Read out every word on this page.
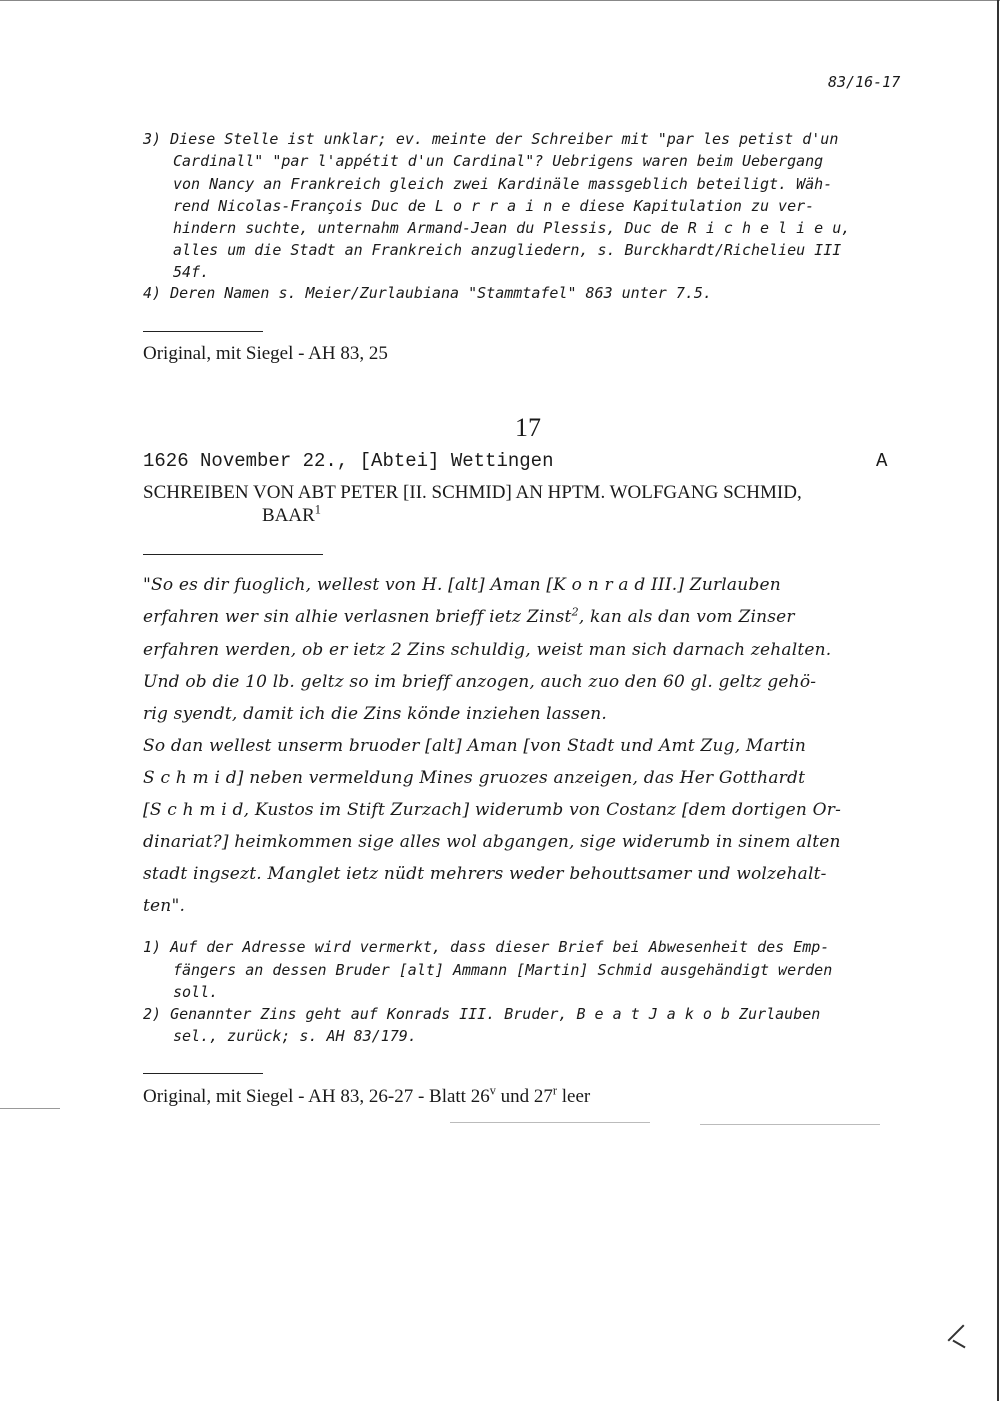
83/16-17
3) Diese Stelle ist unklar; ev. meinte der Schreiber mit "par les petist d'un
Cardinall" "par l'appétit d'un Cardinal"? Uebrigens waren beim Uebergang
von Nancy an Frankreich gleich zwei Kardinäle massgeblich beteiligt. Wäh-
rend Nicolas-François Duc de L o r r a i n e diese Kapitulation zu ver-
hindern suchte, unternahm Armand-Jean du Plessis, Duc de R i c h e l i e u,
alles um die Stadt an Frankreich anzugliedern, s. Burckhardt/Richelieu III
54f.
4) Deren Namen s. Meier/Zurlaubiana "Stammtafel" 863 unter 7.5.
Original, mit Siegel - AH 83, 25
17
1626 November 22., [Abtei] Wettingen	A
SCHREIBEN VON ABT PETER [II. SCHMID] AN HPTM. WOLFGANG SCHMID,
BAAR$^1$
"So es dir fuoglich, wellest von H. [alt] Aman [K o n r a d III.] Zurlauben
erfahren wer sin alhie verlasnen brieff ietz Zinst$^2$, kan als dan vom Zinser
erfahren werden, ob er ietz 2 Zins schuldig, weist man sich darnach zehalten.
Und ob die 10 lb. geltz so im brieff anzogen, auch zuo den 60 gl. geltz gehö-
rig syendt, damit ich die Zins könde inziehen lassen.
So dan wellest unserm bruoder [alt] Aman [von Stadt und Amt Zug, Martin
S c h m i d] neben vermeldung Mines gruozes anzeigen, das Her Gotthardt
[S c h m i d, Kustos im Stift Zurzach] widerumb von Costanz [dem dortigen Or-
dinariat?] heimkommen sige alles wol abgangen, sige widerumb in sinem alten
stadt ingsezt. Manglet ietz nüdt mehrers weder behouttsamer und wolzehalt-
ten".
1) Auf der Adresse wird vermerkt, dass dieser Brief bei Abwesenheit des Emp-
fängers an dessen Bruder [alt] Ammann [Martin] Schmid ausgehändigt werden
soll.
2) Genannter Zins geht auf Konrads III. Bruder, B e a t J a k o b Zurlauben
sel., zurück; s. AH 83/179.
Original, mit Siegel - AH 83, 26-27 - Blatt 26$^v$ und 27$^r$ leer
